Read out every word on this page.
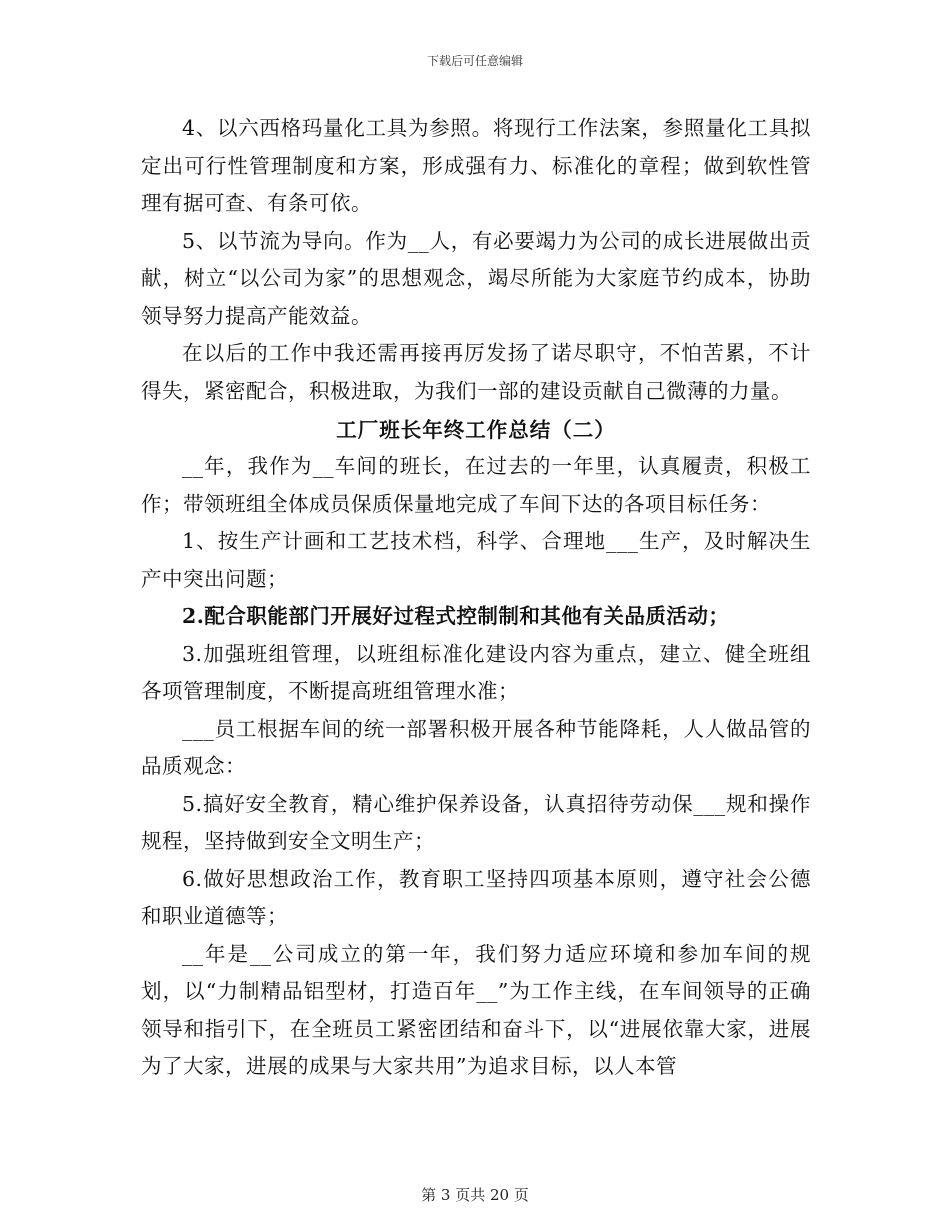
下载后可任意编辑

4、以六西格玛量化工具为参照。将现行工作法案，参照量化工具拟定出可行性管理制度和方案，形成强有力、标准化的章程；做到软性管理有据可查、有条可依。

5、以节流为导向。作为__人，有必要竭力为公司的成长进展做出贡献，树立“以公司为家”的思想观念，竭尽所能为大家庭节约成本，协助领导努力提高产能效益。

在以后的工作中我还需再接再厉发扬了诺尽职守，不怕苦累，不计得失，紧密配合，积极进取，为我们一部的建设贡献自己微薄的力量。

工厂班长年终工作总结（二）

__年，我作为__车间的班长，在过去的一年里，认真履责，积极工作；带领班组全体成员保质保量地完成了车间下达的各项目标任务：

1、按生产计画和工艺技术档，科学、合理地___生产，及时解决生产中突出问题；

2.配合职能部门开展好过程式控制制和其他有关品质活动；

3.加强班组管理，以班组标准化建设内容为重点，建立、健全班组各项管理制度，不断提高班组管理水准；

___员工根据车间的统一部署积极开展各种节能降耗，人人做品管的品质观念：

5.搞好安全教育，精心维护保养设备，认真招待劳动保___规和操作规程，坚持做到安全文明生产；

6.做好思想政治工作，教育职工坚持四项基本原则，遵守社会公德和职业道德等；

__年是__公司成立的第一年，我们努力适应环境和参加车间的规划，以“力制精品铝型材，打造百年__”为工作主线，在车间领导的正确领导和指引下，在全班员工紧密团结和奋斗下，以“进展依靠大家，进展为了大家，进展的成果与大家共用”为追求目标，以人本管

第 3 页共 20 页
